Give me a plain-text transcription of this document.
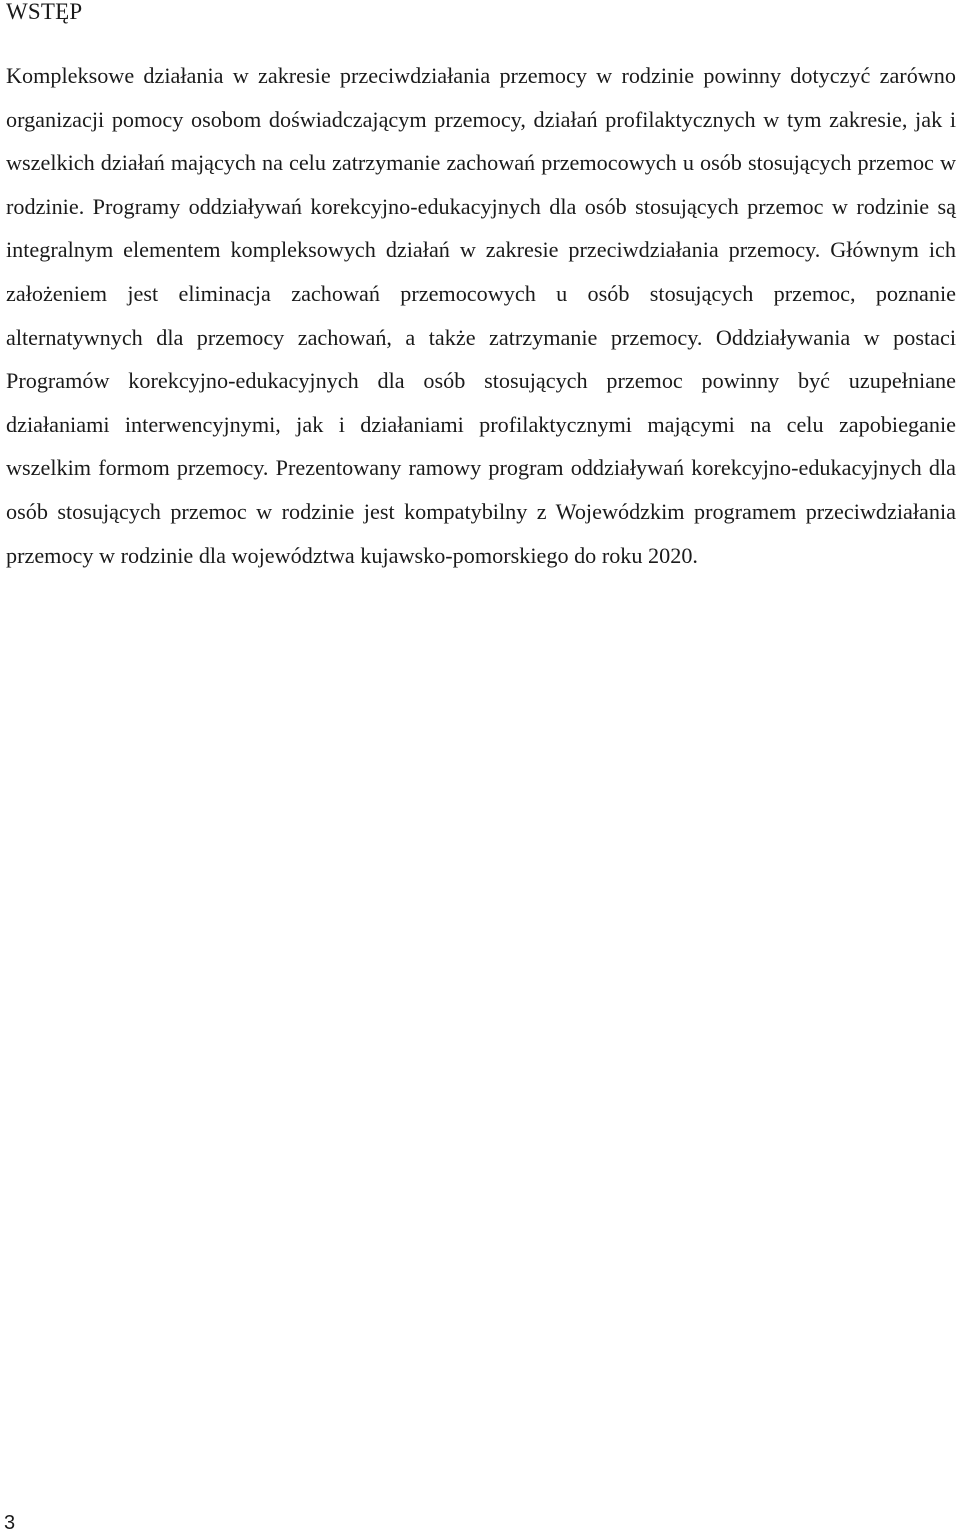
WSTĘP

Kompleksowe działania w zakresie przeciwdziałania przemocy w rodzinie powinny dotyczyć zarówno organizacji pomocy osobom doświadczającym przemocy, działań profilaktycznych w tym zakresie, jak i wszelkich działań mających na celu zatrzymanie zachowań przemocowych u osób stosujących przemoc w rodzinie. Programy oddziaływań korekcyjno-edukacyjnych dla osób stosujących przemoc w rodzinie są integralnym elementem kompleksowych działań w zakresie przeciwdziałania przemocy. Głównym ich założeniem jest eliminacja zachowań przemocowych u osób stosujących przemoc, poznanie alternatywnych dla przemocy zachowań, a także zatrzymanie przemocy. Oddziaływania w postaci Programów korekcyjno-edukacyjnych dla osób stosujących przemoc powinny być uzupełniane działaniami interwencyjnymi, jak i działaniami profilaktycznymi mającymi na celu zapobieganie wszelkim formom przemocy. Prezentowany ramowy program oddziaływań korekcyjno-edukacyjnych dla osób stosujących przemoc w rodzinie jest kompatybilny z Wojewódzkim programem przeciwdziałania przemocy w rodzinie dla województwa kujawsko-pomorskiego do roku 2020.

3
